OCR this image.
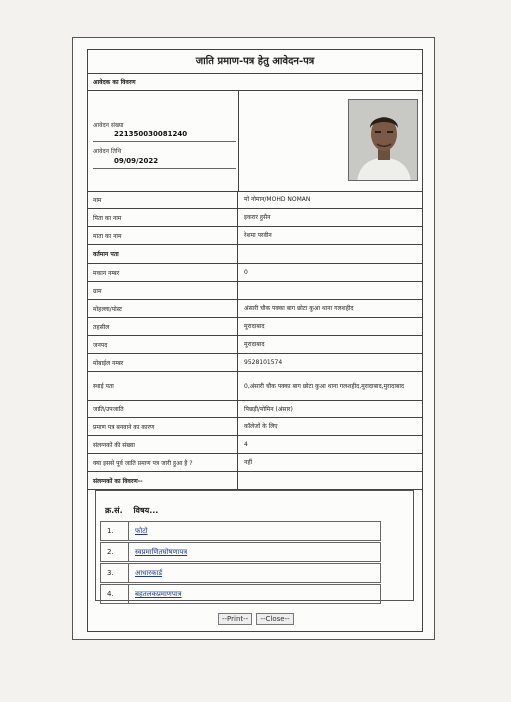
जाति प्रमाण-पत्र हेतु आवेदन-पत्र
आवेदक का विवरण
आवेदन संख्या
221350030081240
आवेदन तिथि
09/09/2022
नाम	मो नोमान/MOHD NOMAN
पिता का नाम	इकरार हुसैन
माता का नाम	रेशमा परवीन
वर्तमान पता
मकान नम्बर	0
ग्राम
मोहल्ला/पोस्ट	अंसारी चौक पक्का बाग छोटा कुआ थाना गलशहीद
तहसील	मुरादाबाद
जनपद	मुरादाबाद
मोबाईल नम्बर	9528101574
स्थाई पता	0,अंसारी चौक पक्का बाग छोटा कुआ थाना गलशहीद,मुरादाबाद,मुरादाबाद
जाति/उपजाति	पिछड़ी/मोमिन (अंसार)
प्रमाण पत्र बनवाने का कारण	कॉलेजों के लिए
संलग्नकों की संख्या	4
क्या इससे पूर्व जाति प्रमाण पत्र जारी हुआ है ?	नहीं
संलग्नकों का विवरण--
क्र.सं. विषय...
1.	फोटो
2.	स्वप्रमाणितघोषणापत्र
3.	आधारकार्ड
4.	बहतलकप्रमाणपात्र
--Print-- --Close--
